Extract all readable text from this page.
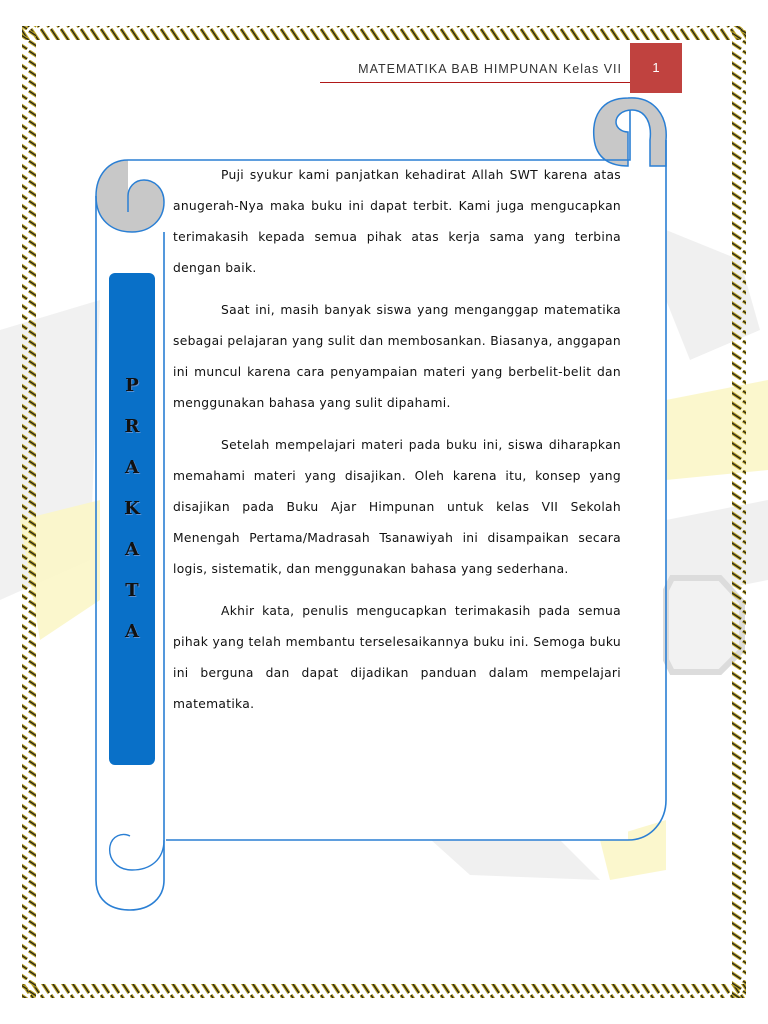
MATEMATIKA BAB HIMPUNAN Kelas VII	1
P
R
A
K
A
T
A

Puji syukur kami panjatkan kehadirat Allah SWT karena atas anugerah-Nya maka buku ini dapat terbit. Kami juga mengucapkan terimakasih kepada semua pihak atas kerja sama yang terbina dengan baik.

Saat ini, masih banyak siswa yang menganggap matematika sebagai pelajaran yang sulit dan membosankan. Biasanya, anggapan ini muncul karena cara penyampaian materi yang berbelit-belit dan menggunakan bahasa yang sulit dipahami.

Setelah mempelajari materi pada buku ini, siswa diharapkan memahami materi yang disajikan. Oleh karena itu, konsep yang disajikan pada Buku Ajar Himpunan untuk kelas VII Sekolah Menengah Pertama/Madrasah Tsanawiyah ini disampaikan secara logis, sistematik, dan menggunakan bahasa yang sederhana.

Akhir kata, penulis mengucapkan terimakasih pada semua pihak yang telah membantu terselesaikannya buku ini. Semoga buku ini berguna dan dapat dijadikan panduan dalam mempelajari matematika.
